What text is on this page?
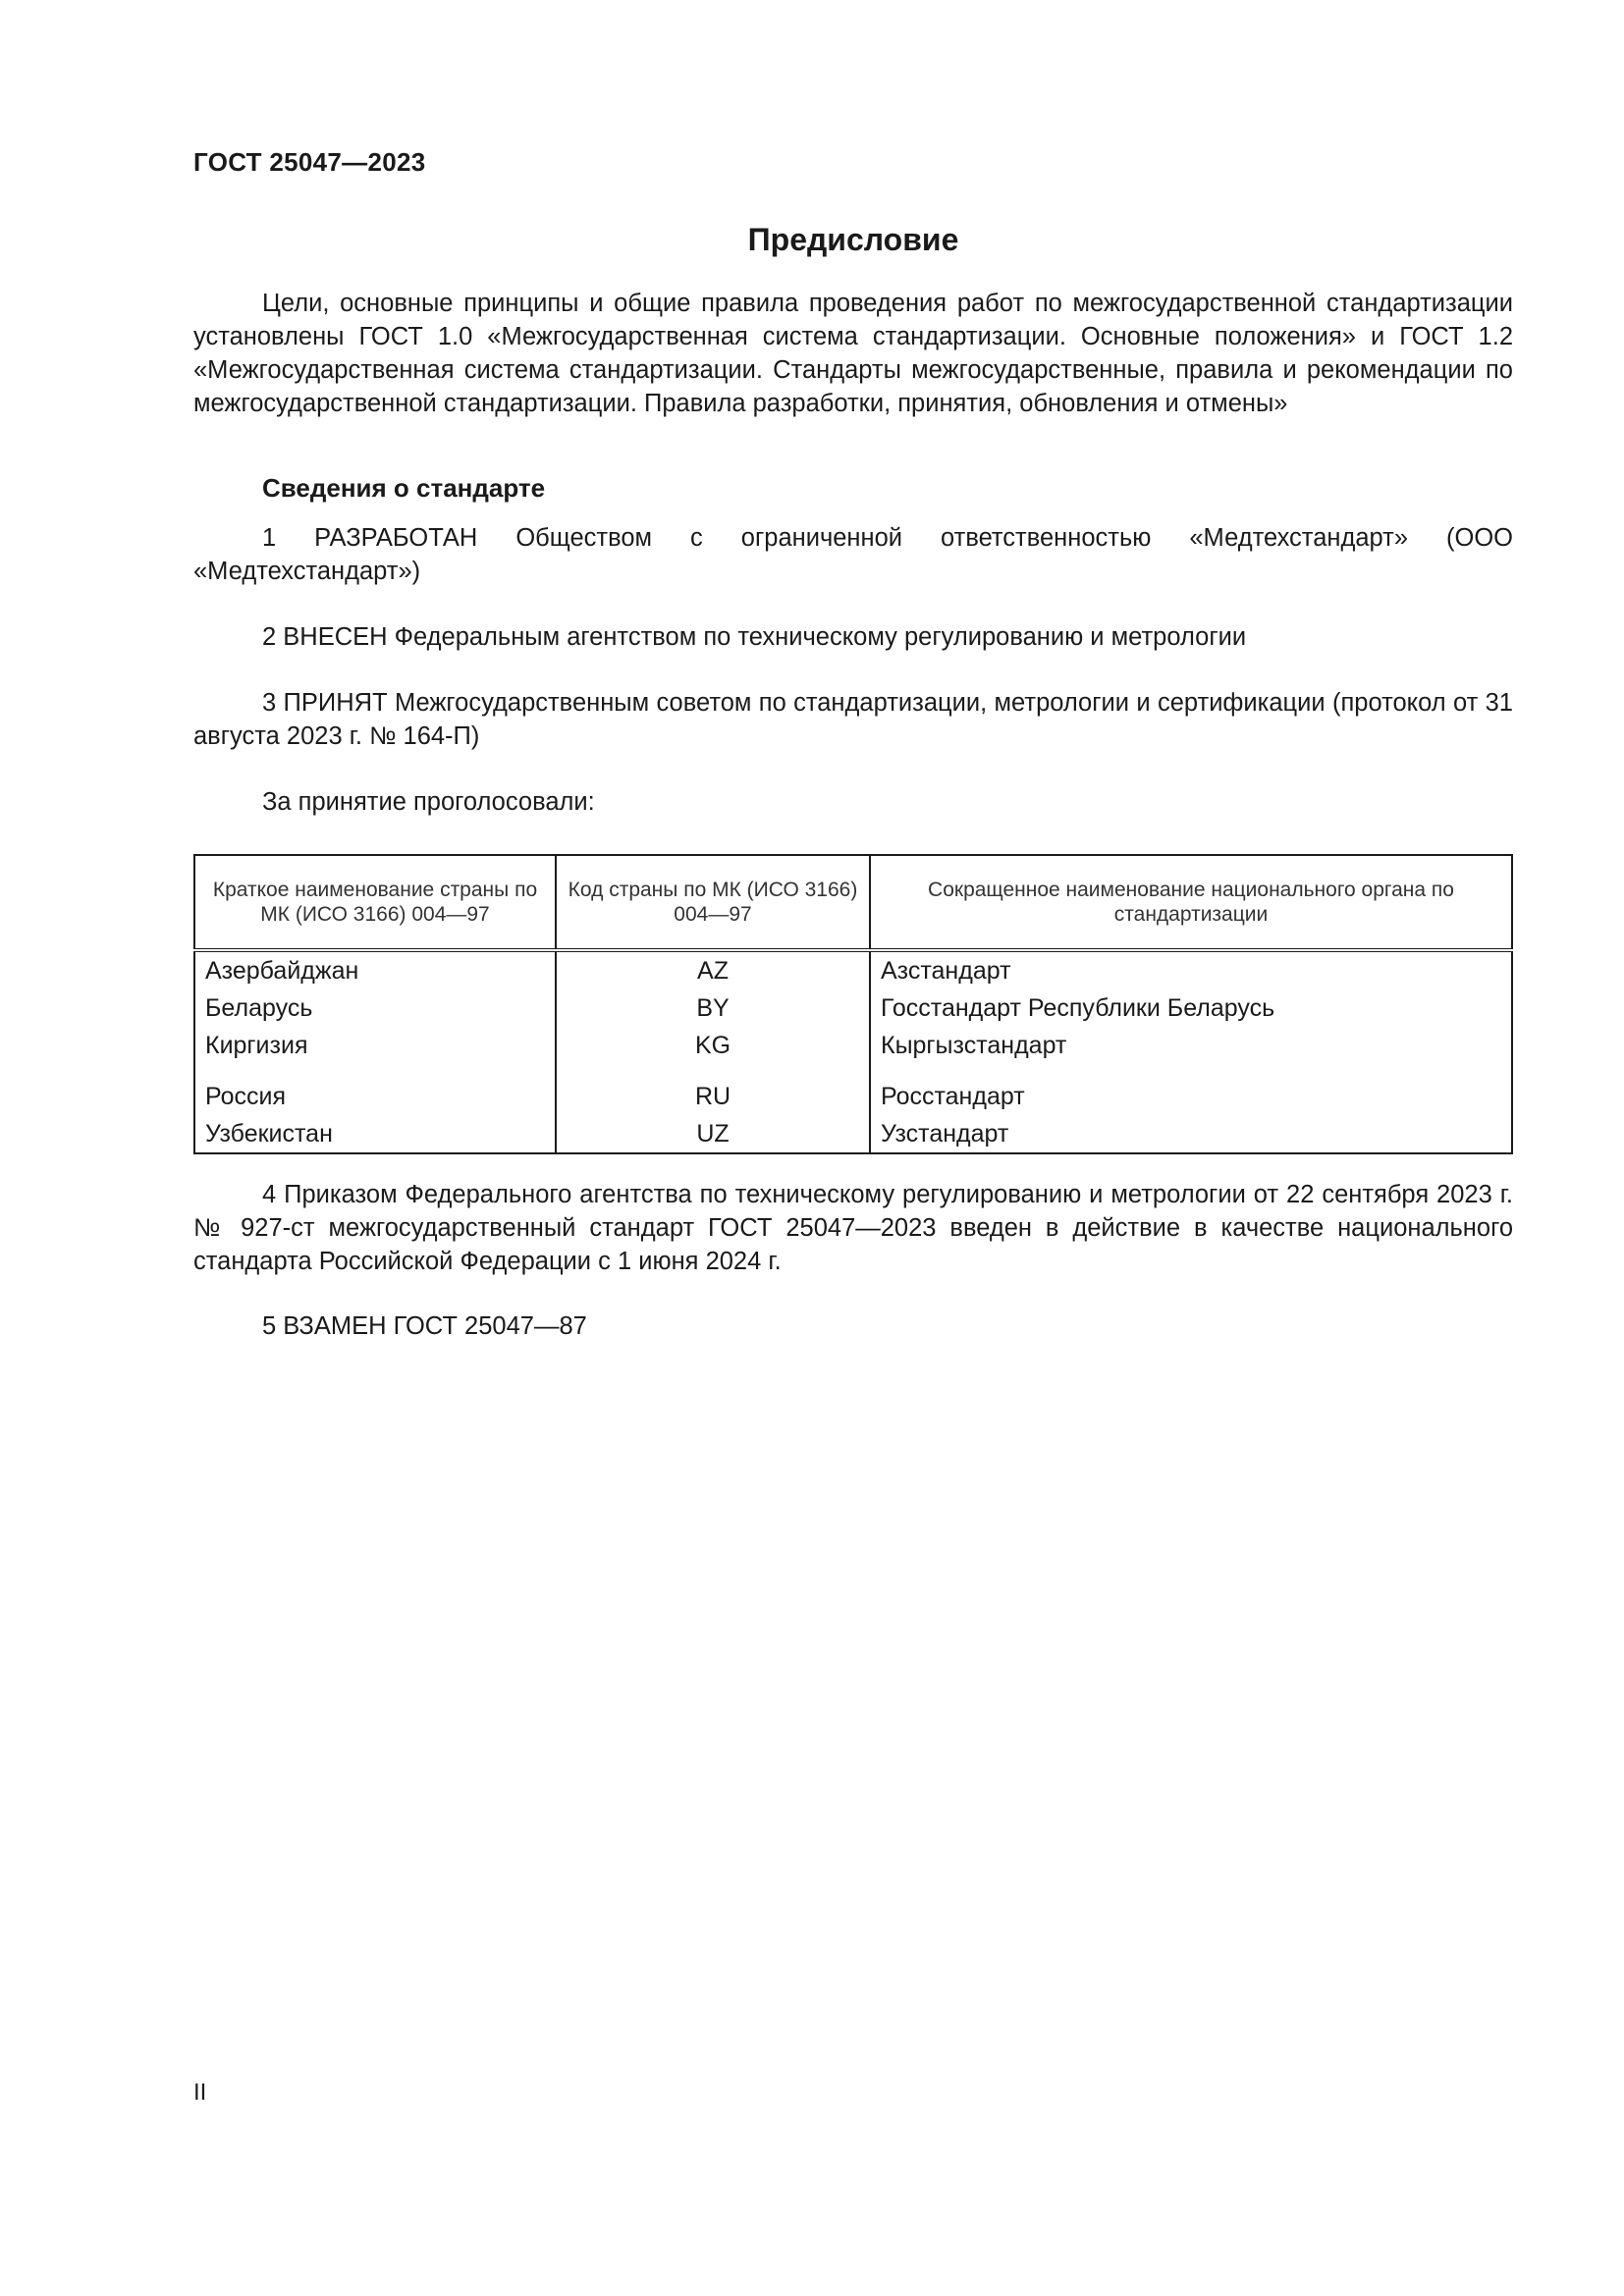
ГОСТ 25047—2023
Предисловие

Цели, основные принципы и общие правила проведения работ по межгосударственной стандартизации установлены ГОСТ 1.0 «Межгосударственная система стандартизации. Основные положения» и ГОСТ 1.2 «Межгосударственная система стандартизации. Стандарты межгосударственные, правила и рекомендации по межгосударственной стандартизации. Правила разработки, принятия, обновления и отмены»

Сведения о стандарте

1 РАЗРАБОТАН Обществом с ограниченной ответственностью «Медтехстандарт» (ООО «Медтехстандарт»)

2 ВНЕСЕН Федеральным агентством по техническому регулированию и метрологии

3 ПРИНЯТ Межгосударственным советом по стандартизации, метрологии и сертификации (протокол от 31 августа 2023 г. № 164-П)

За принятие проголосовали:

Краткое наименование страны по МК (ИСО 3166) 004—97	Код страны по МК (ИСО 3166) 004—97	Сокращенное наименование национального органа по стандартизации
Азербайджан	AZ	Азстандарт
Беларусь	BY	Госстандарт Республики Беларусь
Киргизия	KG	Кыргызстандарт
Россия	RU	Росстандарт
Узбекистан	UZ	Узстандарт

4 Приказом Федерального агентства по техническому регулированию и метрологии от 22 сентября 2023 г. № 927-ст межгосударственный стандарт ГОСТ 25047—2023 введен в действие в качестве национального стандарта Российской Федерации с 1 июня 2024 г.

5 ВЗАМЕН ГОСТ 25047—87

II
